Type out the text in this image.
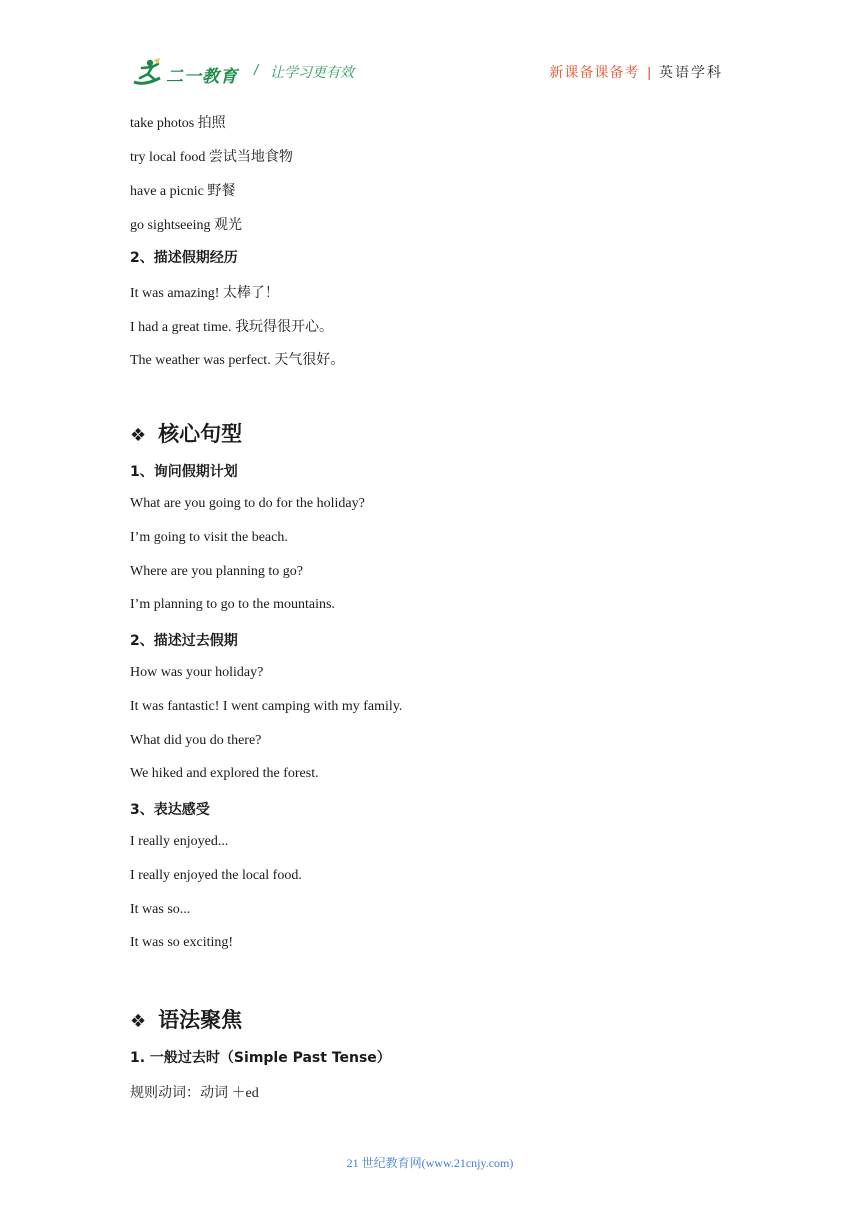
二一教育 / 让学习更有效	新课备课备考 | 英语学科
take photos 拍照
try local food 尝试当地食物
have a picnic 野餐
go sightseeing 观光
2、描述假期经历
It was amazing! 太棒了！
I had a great time. 我玩得很开心。
The weather was perfect. 天气很好。
❖ 核心句型
1、询问假期计划
What are you going to do for the holiday?
I’m going to visit the beach.
Where are you planning to go?
I’m planning to go to the mountains.
2、描述过去假期
How was your holiday?
It was fantastic! I went camping with my family.
What did you do there?
We hiked and explored the forest.
3、表达感受
I really enjoyed...
I really enjoyed the local food.
It was so...
It was so exciting!
❖ 语法聚焦
1. 一般过去时（Simple Past Tense）
规则动词：动词 ＋ed
21 世纪教育网(www.21cnjy.com)
